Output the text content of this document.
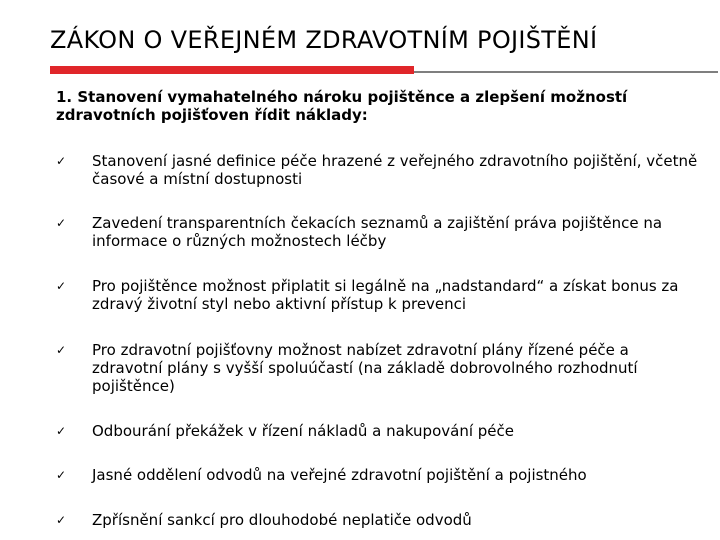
ZÁKON O VEŘEJNÉM ZDRAVOTNÍM POJIŠTĚNÍ
1. Stanovení vymahatelného nároku pojištěnce a zlepšení možností zdravotních pojišťoven řídit náklady:
✓ Stanovení jasné definice péče hrazené z veřejného zdravotního pojištění, včetně časové a místní dostupnosti
✓ Zavedení transparentních čekacích seznamů a zajištění práva pojištěnce na informace o různých možnostech léčby
✓ Pro pojištěnce možnost připlatit si legálně na „nadstandard“ a získat bonus za zdravý životní styl nebo aktivní přístup k prevenci
✓ Pro zdravotní pojišťovny možnost nabízet zdravotní plány řízené péče a zdravotní plány s vyšší spoluúčastí (na základě dobrovolného rozhodnutí pojištěnce)
✓ Odbourání překážek v řízení nákladů a nakupování péče
✓ Jasné oddělení odvodů na veřejné zdravotní pojištění a pojistného
✓ Zpřísnění sankcí pro dlouhodobé neplatiče odvodů
